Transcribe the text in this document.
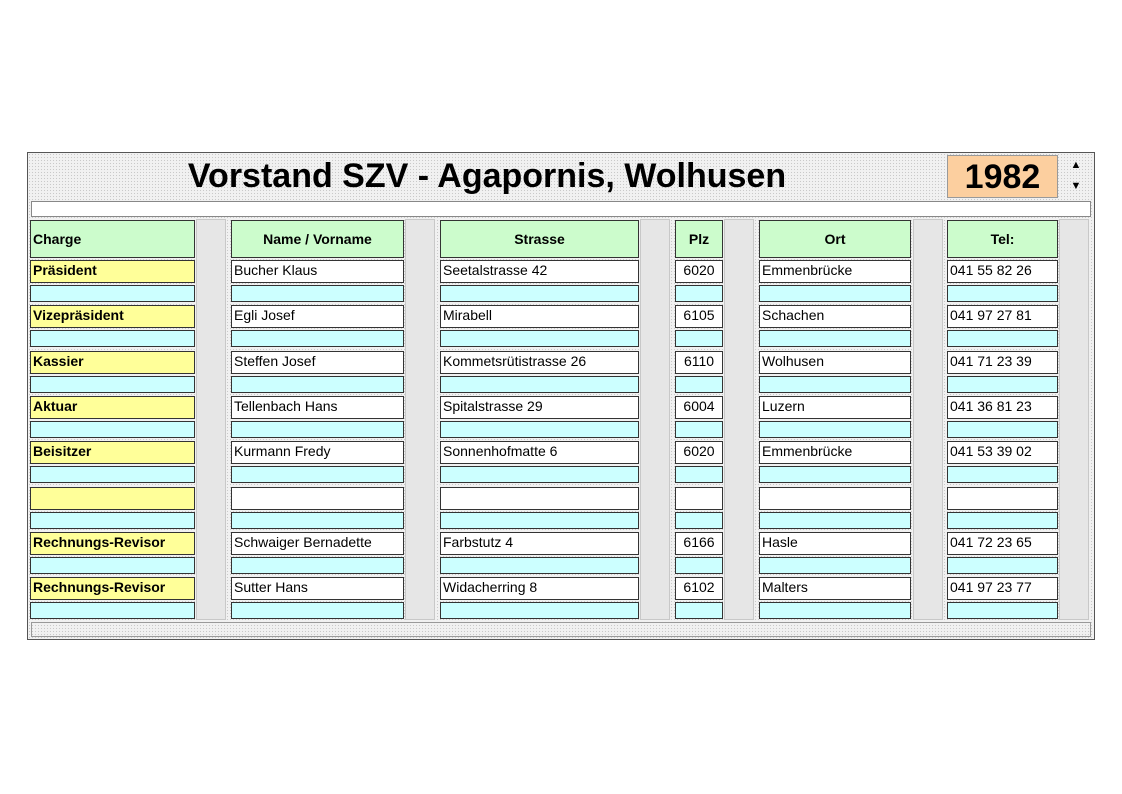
Vorstand SZV - Agapornis, Wolhusen	1982	▲
▼
Charge	Name / Vorname	Strasse	Plz	Ort	Tel:
Präsident	Bucher Klaus	Seetalstrasse 42	6020	Emmenbrücke	041 55 82 26
Vizepräsident	Egli Josef	Mirabell	6105	Schachen	041 97 27 81
Kassier	Steffen Josef	Kommetsrütistrasse 26	6110	Wolhusen	041 71 23 39
Aktuar	Tellenbach Hans	Spitalstrasse 29	6004	Luzern	041 36 81 23
Beisitzer	Kurmann Fredy	Sonnenhofmatte 6	6020	Emmenbrücke	041 53 39 02
Rechnungs-Revisor	Schwaiger Bernadette	Farbstutz 4	6166	Hasle	041 72 23 65
Rechnungs-Revisor	Sutter Hans	Widacherring 8	6102	Malters	041 97 23 77
